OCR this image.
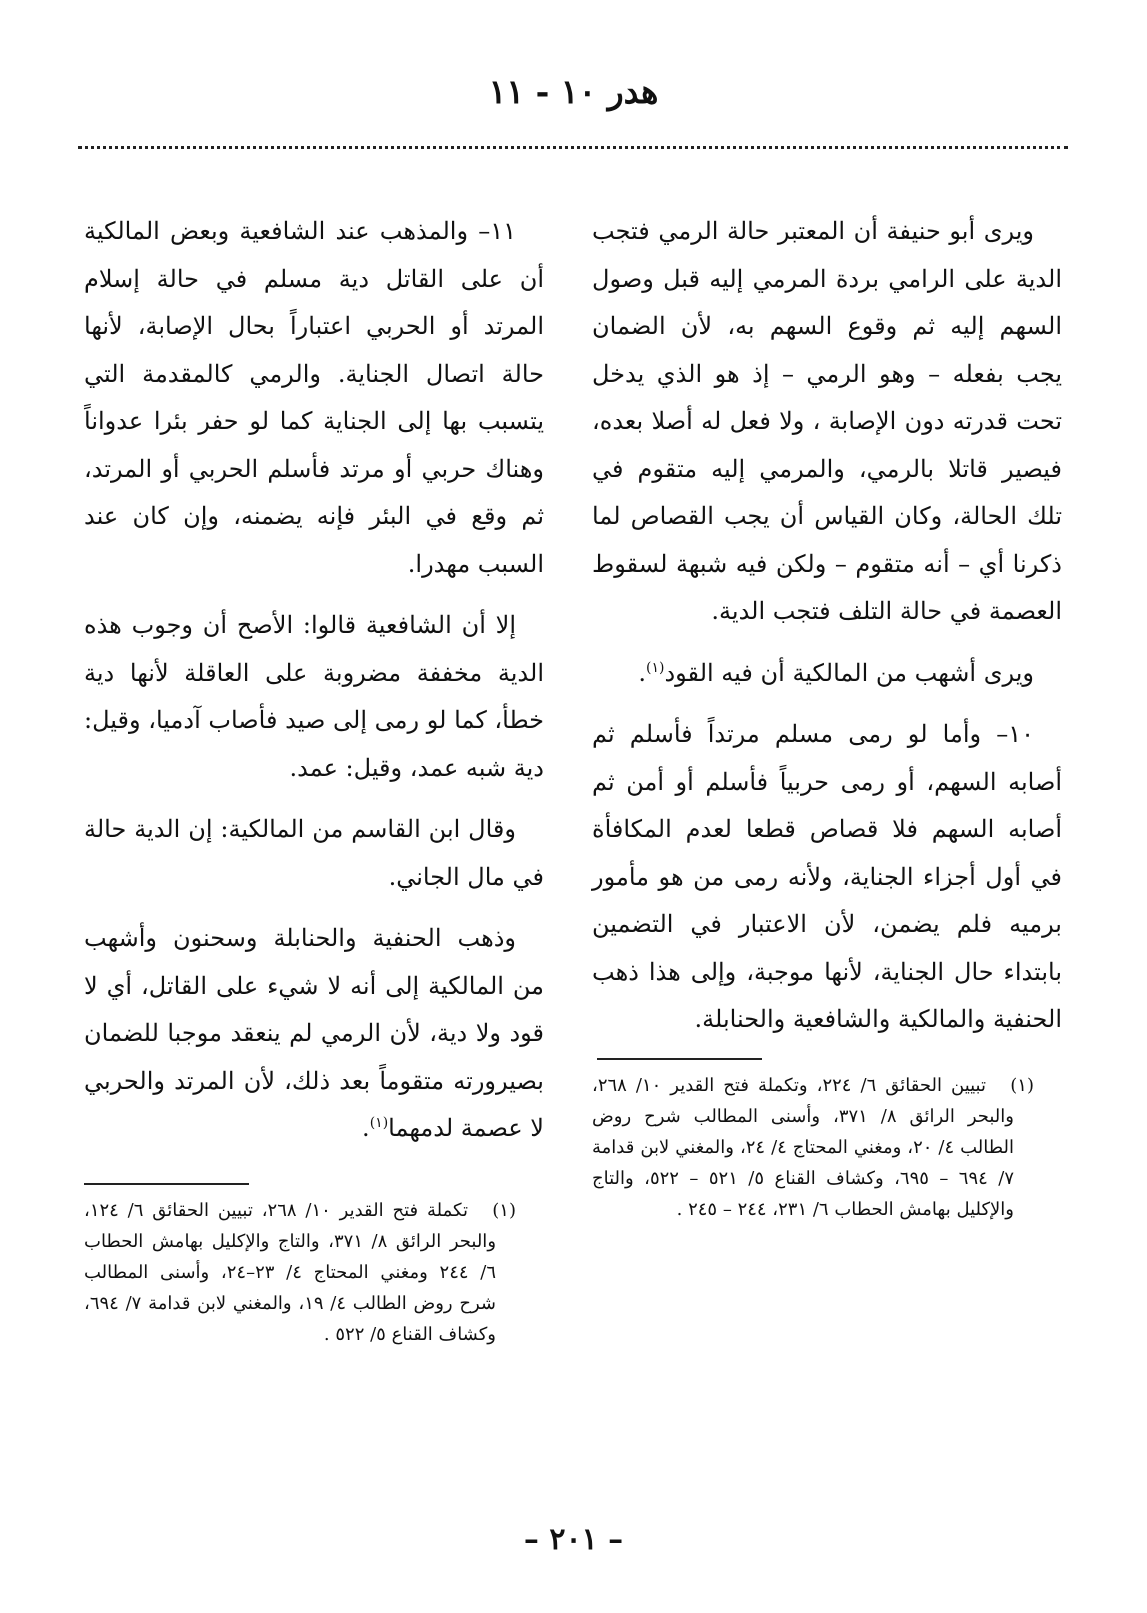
هدر ١٠ - ١١

ويرى أبو حنيفة أن المعتبر حالة الرمي فتجب الدية على الرامي بردة المرمي إليه قبل وصول السهم إليه ثم وقوع السهم به، لأن الضمان يجب بفعله – وهو الرمي – إذ هو الذي يدخل تحت قدرته دون الإصابة ، ولا فعل له أصلا بعده، فيصير قاتلا بالرمي، والمرمي إليه متقوم في تلك الحالة، وكان القياس أن يجب القصاص لما ذكرنا أي – أنه متقوم – ولكن فيه شبهة لسقوط العصمة في حالة التلف فتجب الدية.

ويرى أشهب من المالكية أن فيه القود$^{(١)}$.

١٠– وأما لو رمى مسلم مرتداً فأسلم ثم أصابه السهم، أو رمى حربياً فأسلم أو أمن ثم أصابه السهم فلا قصاص قطعا لعدم المكافأة في أول أجزاء الجناية، ولأنه رمى من هو مأمور برميه فلم يضمن، لأن الاعتبار في التضمين بابتداء حال الجناية، لأنها موجبة، وإلى هذا ذهب الحنفية والمالكية والشافعية والحنابلة.

(١)
تبيين الحقائق ٦/ ٢٢٤، وتكملة فتح القدير ١٠/ ٢٦٨، والبحر الرائق ٨/ ٣٧١، وأسنى المطالب شرح روض الطالب ٤/ ٢٠، ومغني المحتاج ٤/ ٢٤، والمغني لابن قدامة ٧/ ٦٩٤ – ٦٩٥، وكشاف القناع ٥/ ٥٢١ – ٥٢٢، والتاج والإكليل بهامش الحطاب ٦/ ٢٣١، ٢٤٤ – ٢٤٥ .

١١– والمذهب عند الشافعية وبعض المالكية أن على القاتل دية مسلم في حالة إسلام المرتد أو الحربي اعتباراً بحال الإصابة، لأنها حالة اتصال الجناية. والرمي كالمقدمة التي يتسبب بها إلى الجناية كما لو حفر بئرا عدواناً وهناك حربي أو مرتد فأسلم الحربي أو المرتد، ثم وقع في البئر فإنه يضمنه، وإن كان عند السبب مهدرا.

إلا أن الشافعية قالوا: الأصح أن وجوب هذه الدية مخففة مضروبة على العاقلة لأنها دية خطأ، كما لو رمى إلى صيد فأصاب آدميا، وقيل: دية شبه عمد، وقيل: عمد.

وقال ابن القاسم من المالكية: إن الدية حالة في مال الجاني.

وذهب الحنفية والحنابلة وسحنون وأشهب من المالكية إلى أنه لا شيء على القاتل، أي لا قود ولا دية، لأن الرمي لم ينعقد موجبا للضمان بصيرورته متقوماً بعد ذلك، لأن المرتد والحربي لا عصمة لدمهما$^{(١)}$.

(١)
تكملة فتح القدير ١٠/ ٢٦٨، تبيين الحقائق ٦/ ١٢٤، والبحر الرائق ٨/ ٣٧١، والتاج والإكليل بهامش الحطاب ٦/ ٢٤٤ ومغني المحتاج ٤/ ٢٣–٢٤، وأسنى المطالب شرح روض الطالب ٤/ ١٩، والمغني لابن قدامة ٧/ ٦٩٤، وكشاف القناع ٥/ ٥٢٢ .

– ٢٠١ –
